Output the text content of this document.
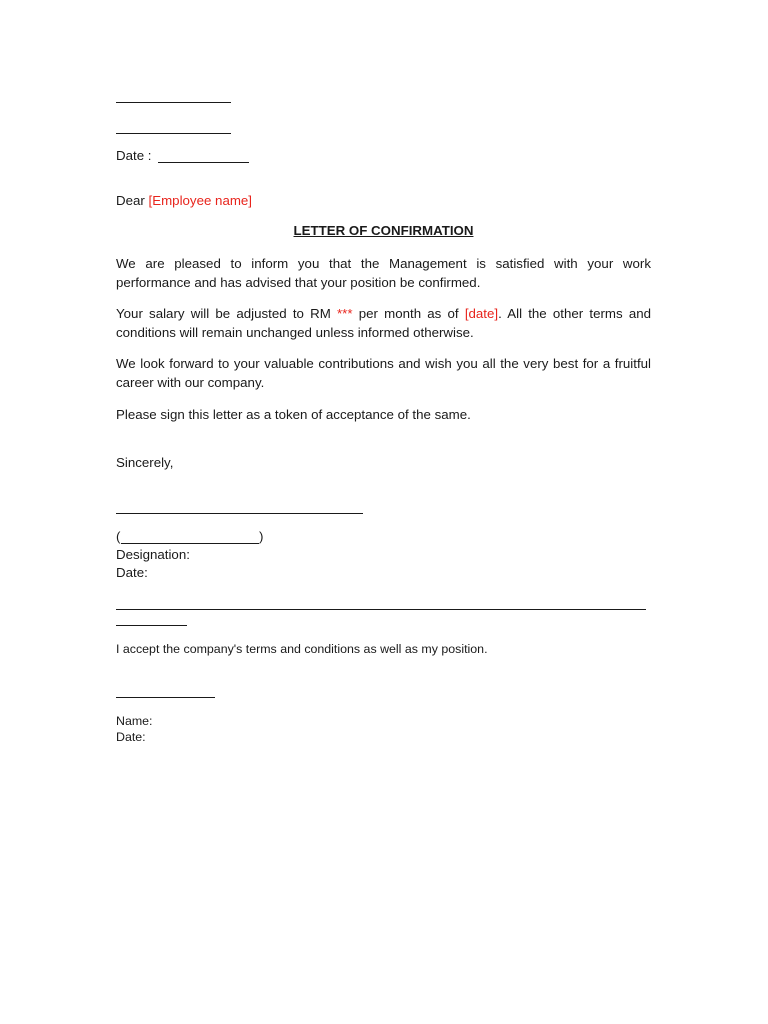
Date :

Dear [Employee name]

LETTER OF CONFIRMATION

We are pleased to inform you that the Management is satisfied with your work performance and has advised that your position be confirmed.

Your salary will be adjusted to RM *** per month as of [date]. All the other terms and conditions will remain unchanged unless informed otherwise.

We look forward to your valuable contributions and wish you all the very best for a fruitful career with our company.

Please sign this letter as a token of acceptance of the same.

Sincerely,

(	)

Designation:

Date:

I accept the company's terms and conditions as well as my position.

Name:

Date:
